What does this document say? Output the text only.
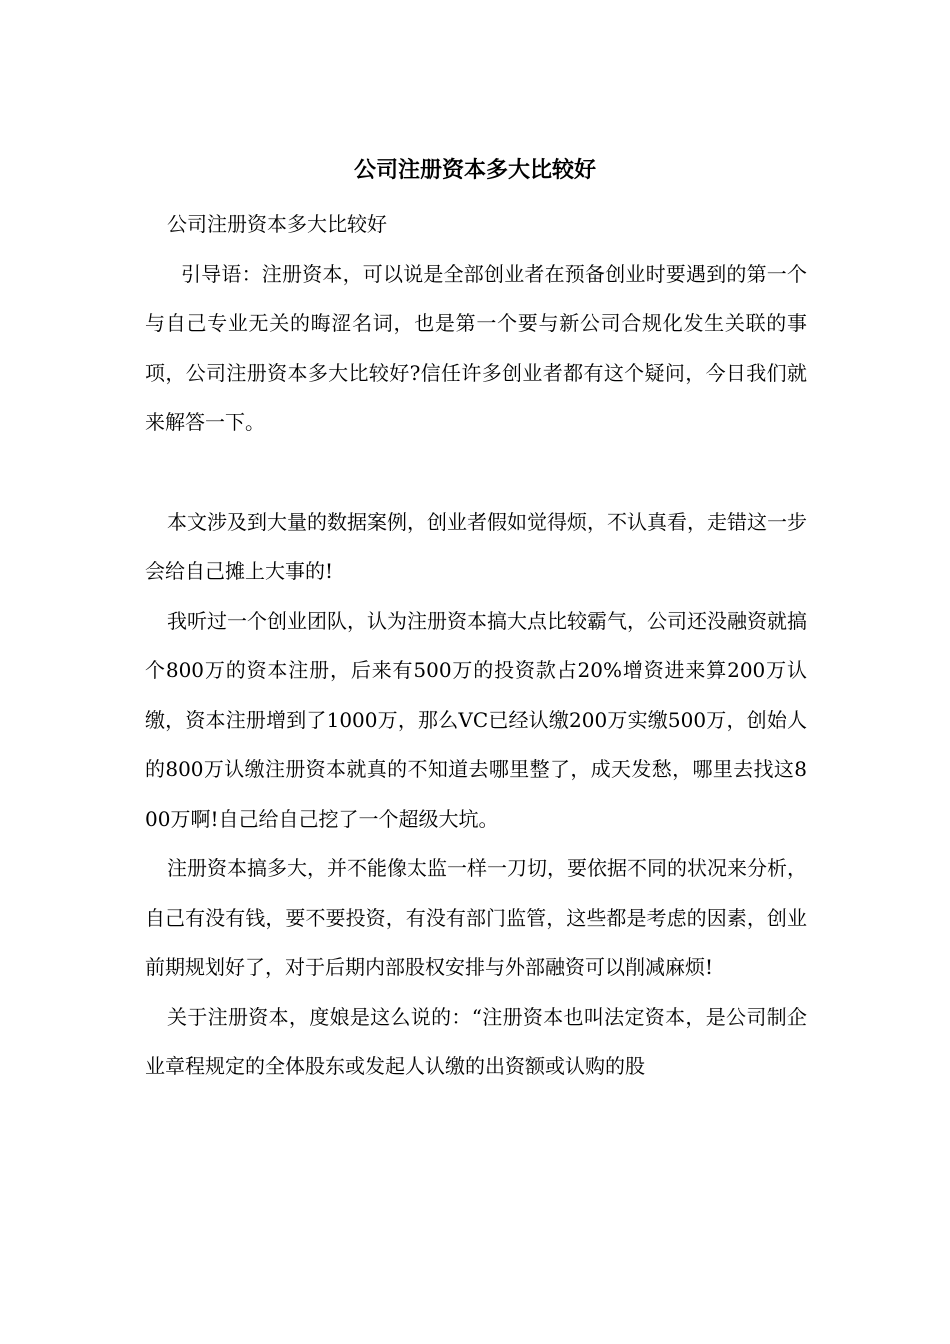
公司注册资本多大比较好

公司注册资本多大比较好

引导语：注册资本，可以说是全部创业者在预备创业时要遇到的第一个与自己专业无关的晦涩名词，也是第一个要与新公司合规化发生关联的事项，公司注册资本多大比较好?信任许多创业者都有这个疑问，今日我们就来解答一下。

本文涉及到大量的数据案例，创业者假如觉得烦，不认真看，走错这一步会给自己摊上大事的!

我听过一个创业团队，认为注册资本搞大点比较霸气，公司还没融资就搞个800万的资本注册，后来有500万的投资款占20%增资进来算200万认缴，资本注册增到了1000万，那么VC已经认缴200万实缴500万，创始人的800万认缴注册资本就真的不知道去哪里整了，成天发愁，哪里去找这800万啊!自己给自己挖了一个超级大坑。

注册资本搞多大，并不能像太监一样一刀切，要依据不同的状况来分析，自己有没有钱，要不要投资，有没有部门监管，这些都是考虑的因素，创业前期规划好了，对于后期内部股权安排与外部融资可以削减麻烦!

关于注册资本，度娘是这么说的：“注册资本也叫法定资本，是公司制企业章程规定的全体股东或发起人认缴的出资额或认购的股
